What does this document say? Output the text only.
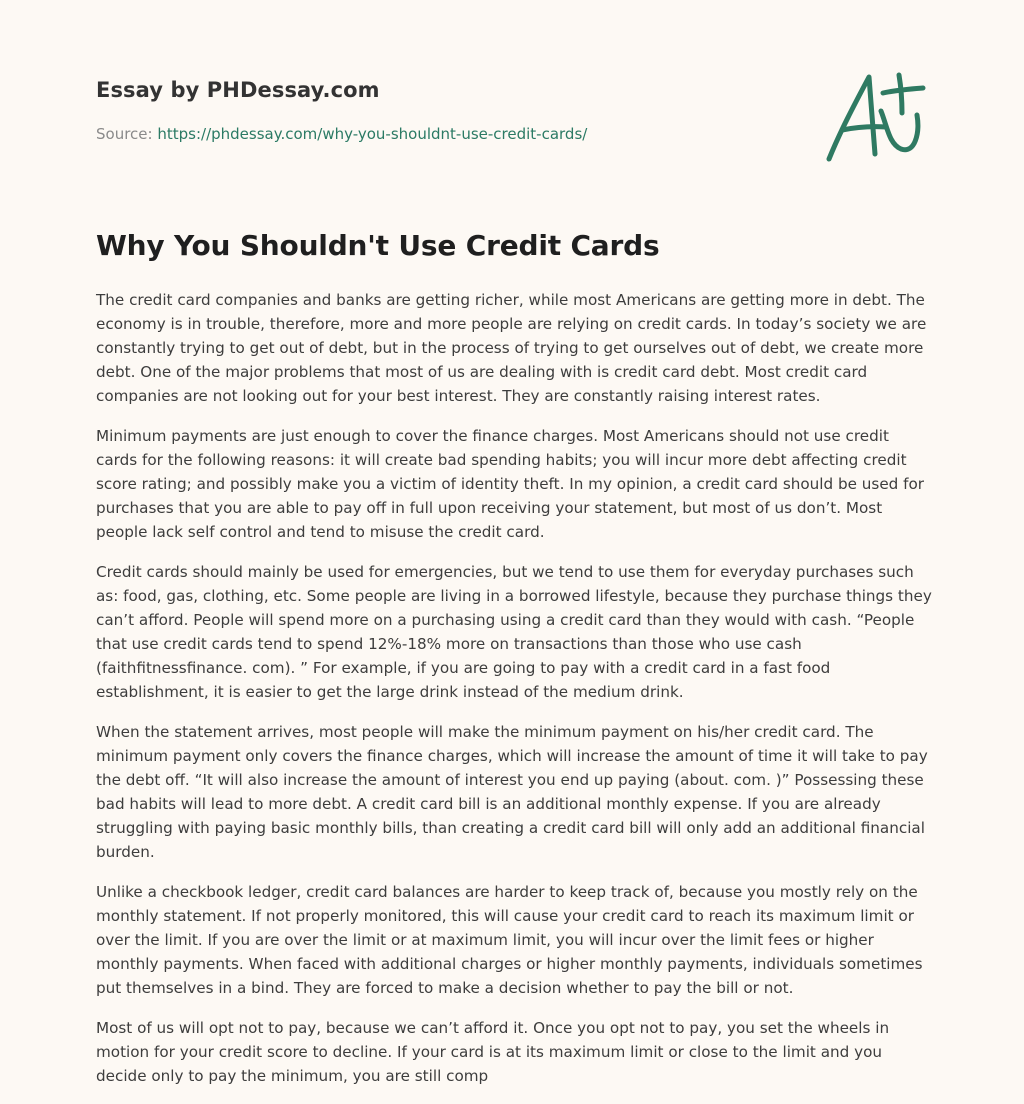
Essay by PHDessay.com
Source: https://phdessay.com/why-you-shouldnt-use-credit-cards/
Why You Shouldn't Use Credit Cards

The credit card companies and banks are getting richer, while most Americans are getting more in debt. The economy is in trouble, therefore, more and more people are relying on credit cards. In today’s society we are constantly trying to get out of debt, but in the process of trying to get ourselves out of debt, we create more debt. One of the major problems that most of us are dealing with is credit card debt. Most credit card companies are not looking out for your best interest. They are constantly raising interest rates.

Minimum payments are just enough to cover the finance charges. Most Americans should not use credit cards for the following reasons: it will create bad spending habits; you will incur more debt affecting credit score rating; and possibly make you a victim of identity theft. In my opinion, a credit card should be used for purchases that you are able to pay off in full upon receiving your statement, but most of us don’t. Most people lack self control and tend to misuse the credit card.

Credit cards should mainly be used for emergencies, but we tend to use them for everyday purchases such as: food, gas, clothing, etc. Some people are living in a borrowed lifestyle, because they purchase things they can’t afford. People will spend more on a purchasing using a credit card than they would with cash. “People that use credit cards tend to spend 12%-18% more on transactions than those who use cash (faithfitnessfinance. com). ” For example, if you are going to pay with a credit card in a fast food establishment, it is easier to get the large drink instead of the medium drink.

When the statement arrives, most people will make the minimum payment on his/her credit card. The minimum payment only covers the finance charges, which will increase the amount of time it will take to pay the debt off. “It will also increase the amount of interest you end up paying (about. com. )” Possessing these bad habits will lead to more debt. A credit card bill is an additional monthly expense. If you are already struggling with paying basic monthly bills, than creating a credit card bill will only add an additional financial burden.

Unlike a checkbook ledger, credit card balances are harder to keep track of, because you mostly rely on the monthly statement. If not properly monitored, this will cause your credit card to reach its maximum limit or over the limit. If you are over the limit or at maximum limit, you will incur over the limit fees or higher monthly payments. When faced with additional charges or higher monthly payments, individuals sometimes put themselves in a bind. They are forced to make a decision whether to pay the bill or not.

Most of us will opt not to pay, because we can’t afford it. Once you opt not to pay, you set the wheels in motion for your credit score to decline. If your card is at its maximum limit or close to the limit and you decide only to pay the minimum, you are still comp
